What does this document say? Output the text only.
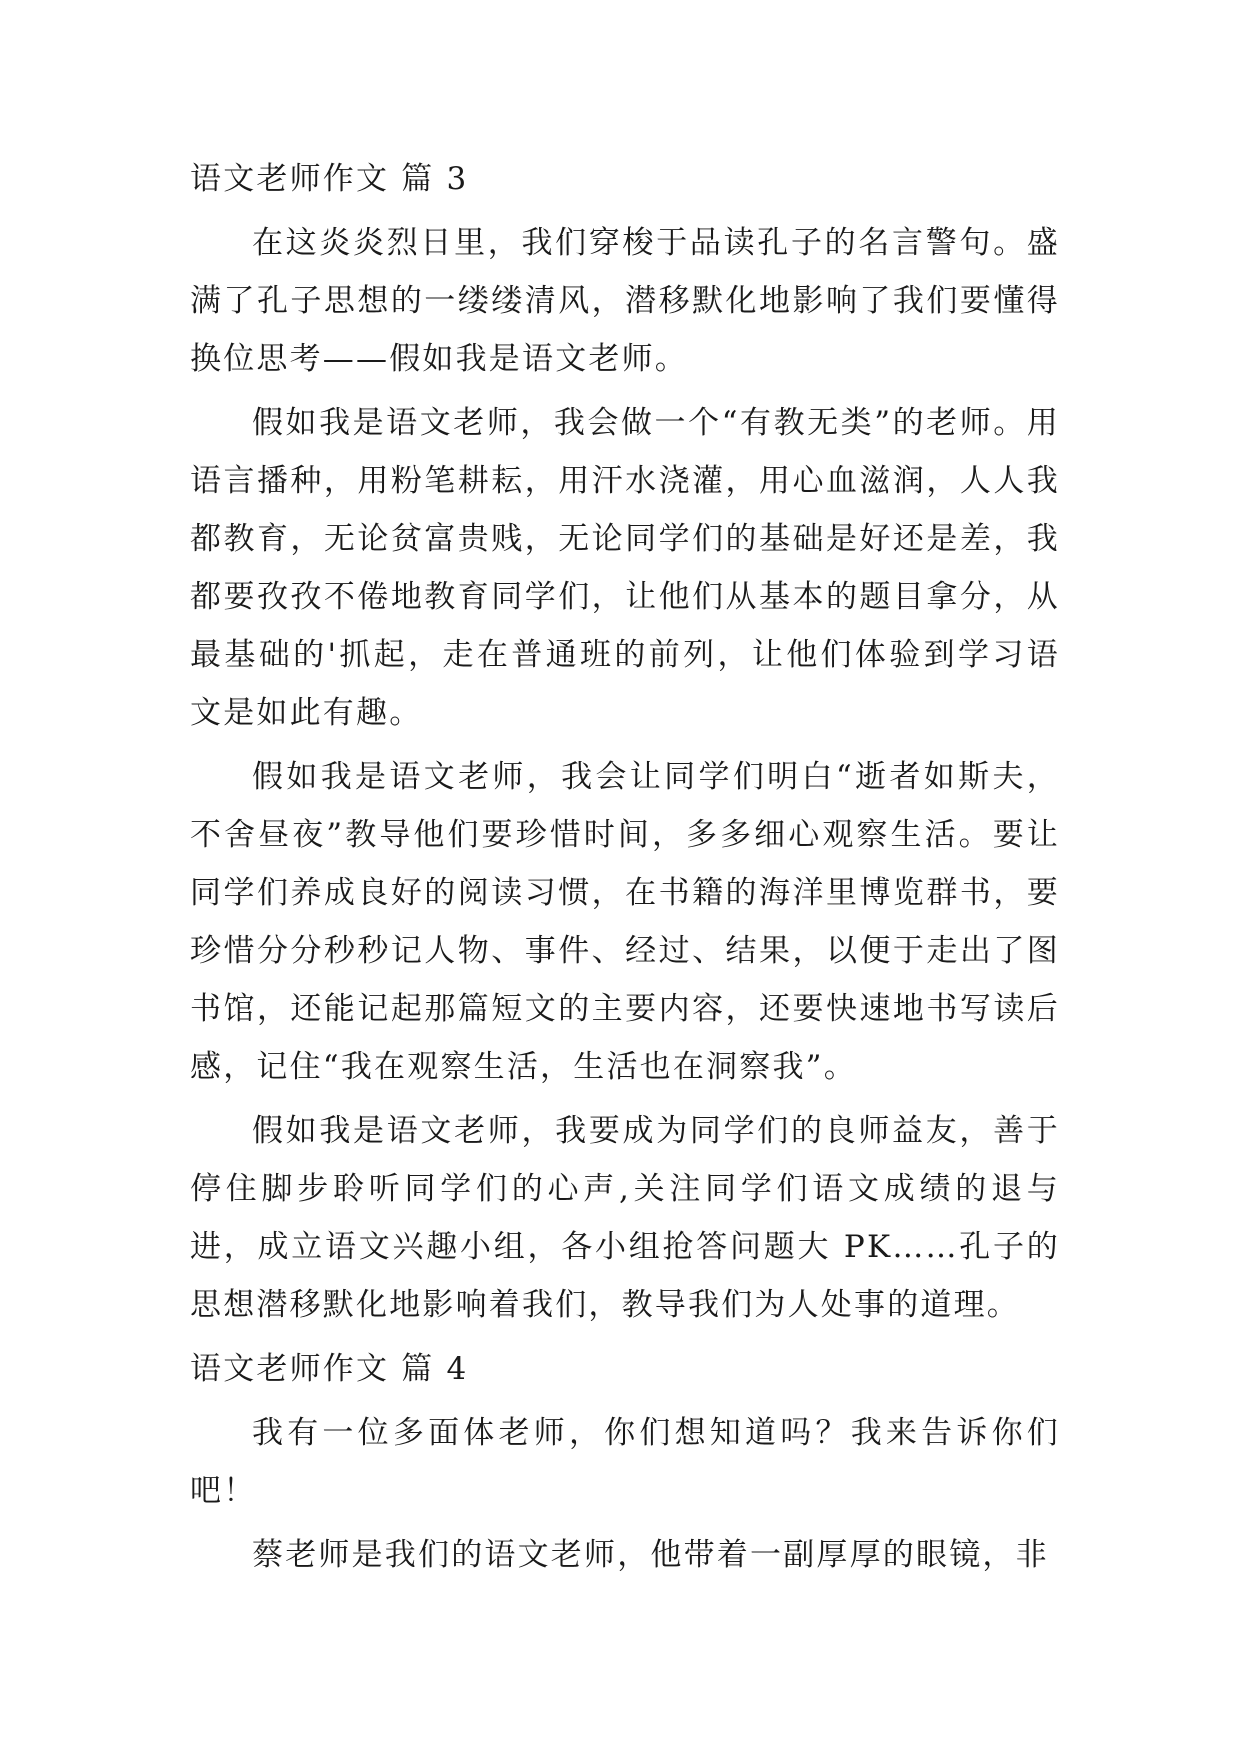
语文老师作文 篇 3

在这炎炎烈日里，我们穿梭于品读孔子的名言警句。盛满了孔子思想的一缕缕清风，潜移默化地影响了我们要懂得换位思考——假如我是语文老师。

假如我是语文老师，我会做一个“有教无类”的老师。用语言播种，用粉笔耕耘，用汗水浇灌，用心血滋润，人人我都教育，无论贫富贵贱，无论同学们的基础是好还是差，我都要孜孜不倦地教育同学们，让他们从基本的题目拿分，从最基础的'抓起，走在普通班的前列，让他们体验到学习语文是如此有趣。

假如我是语文老师，我会让同学们明白“逝者如斯夫，不舍昼夜”教导他们要珍惜时间，多多细心观察生活。要让同学们养成良好的阅读习惯，在书籍的海洋里博览群书，要珍惜分分秒秒记人物、事件、经过、结果，以便于走出了图书馆，还能记起那篇短文的主要内容，还要快速地书写读后感，记住“我在观察生活，生活也在洞察我”。

假如我是语文老师，我要成为同学们的良师益友，善于停住脚步聆听同学们的心声,关注同学们语文成绩的退与进，成立语文兴趣小组，各小组抢答问题大 PK……孔子的思想潜移默化地影响着我们，教导我们为人处事的道理。

语文老师作文 篇 4

我有一位多面体老师，你们想知道吗？我来告诉你们吧！

蔡老师是我们的语文老师，他带着一副厚厚的眼镜，非
